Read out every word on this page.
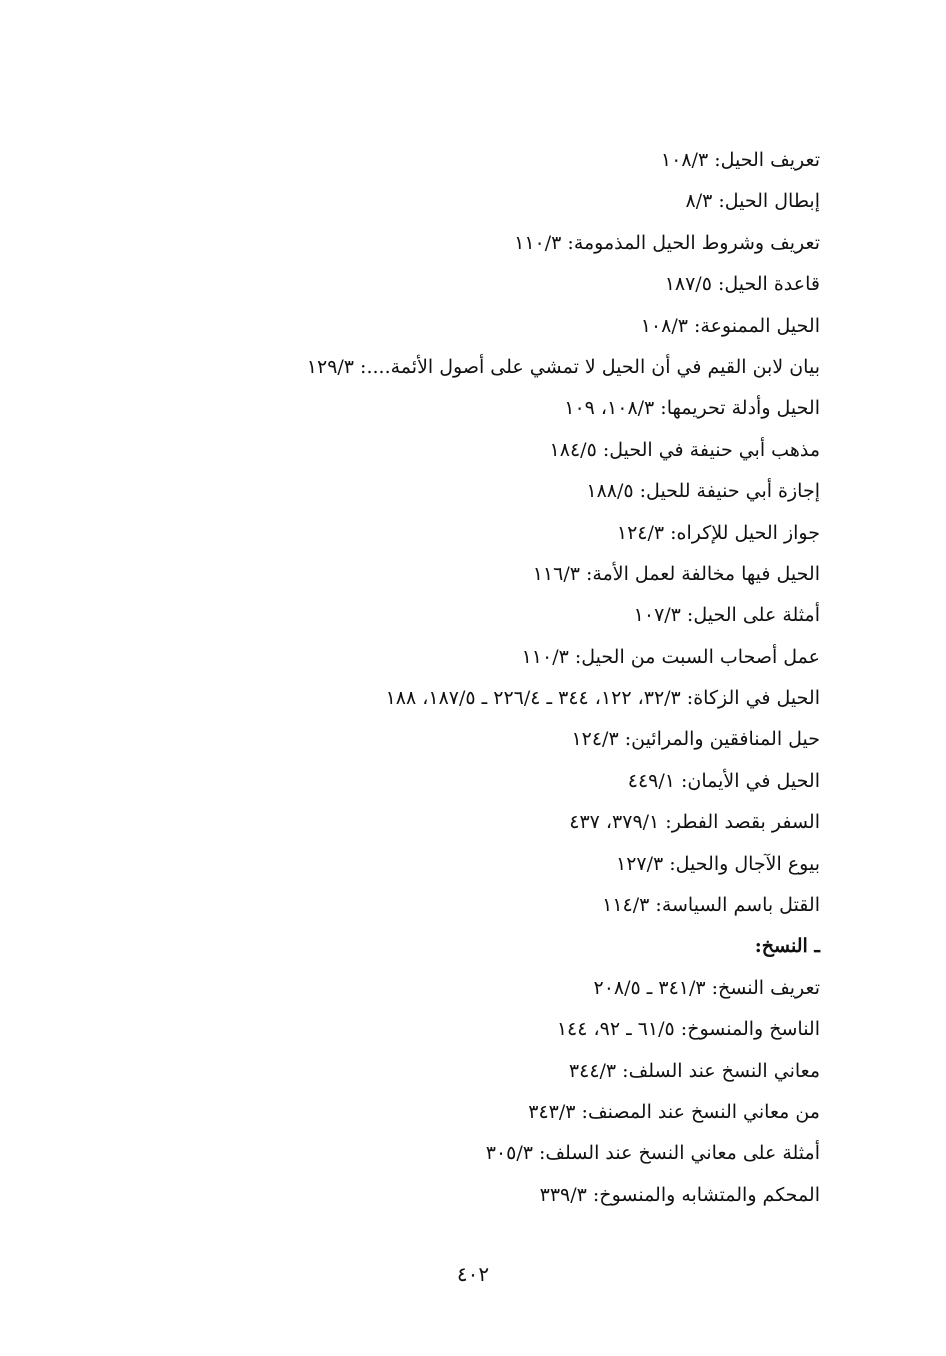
تعريف الحيل: ١٠٨/٣
إبطال الحيل: ٨/٣
تعريف وشروط الحيل المذمومة: ١١٠/٣
قاعدة الحيل: ١٨٧/٥
الحيل الممنوعة: ١٠٨/٣
بيان لابن القيم في أن الحيل لا تمشي على أصول الأئمة....: ١٢٩/٣
الحيل وأدلة تحريمها: ١٠٨/٣، ١٠٩
مذهب أبي حنيفة في الحيل: ١٨٤/٥
إجازة أبي حنيفة للحيل: ١٨٨/٥
جواز الحيل للإكراه: ١٢٤/٣
الحيل فيها مخالفة لعمل الأمة: ١١٦/٣
أمثلة على الحيل: ١٠٧/٣
عمل أصحاب السبت من الحيل: ١١٠/٣
الحيل في الزكاة: ٣٢/٣، ١٢٢، ٣٤٤ ـ ٢٢٦/٤ ـ ١٨٧/٥، ١٨٨
حيل المنافقين والمرائين: ١٢٤/٣
الحيل في الأيمان: ٤٤٩/١
السفر بقصد الفطر: ٣٧٩/١، ٤٣٧
بيوع الآجال والحيل: ١٢٧/٣
القتل باسم السياسة: ١١٤/٣
ـ النسخ:
تعريف النسخ: ٣٤١/٣ ـ ٢٠٨/٥
الناسخ والمنسوخ: ٦١/٥ ـ ٩٢، ١٤٤
معاني النسخ عند السلف: ٣٤٤/٣
من معاني النسخ عند المصنف: ٣٤٣/٣
أمثلة على معاني النسخ عند السلف: ٣٠٥/٣
المحكم والمتشابه والمنسوخ: ٣٣٩/٣
٤٠٢
